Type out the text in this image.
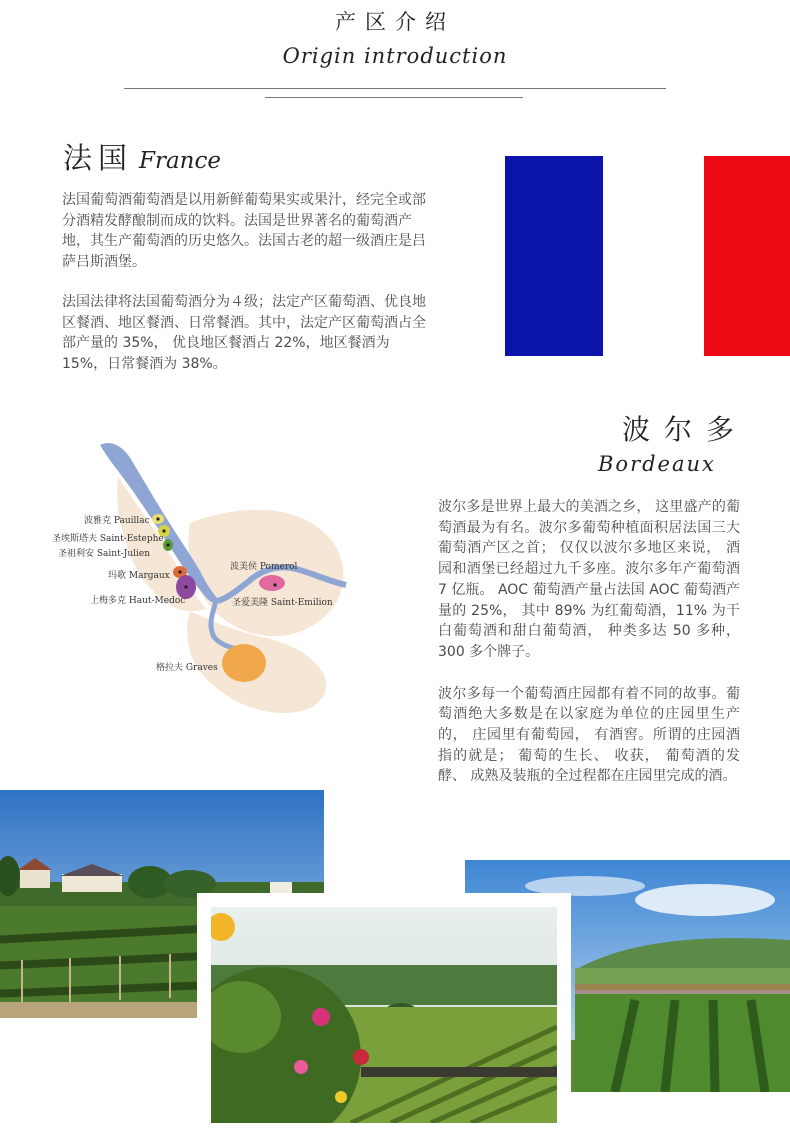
产区介绍
Origin introduction
法国 France

法国葡萄酒葡萄酒是以用新鲜葡萄果实或果汁，经完全或部分酒精发酵酿制而成的饮料。法国是世界著名的葡萄酒产地，其生产葡萄酒的历史悠久。法国古老的超一级酒庄是吕萨吕斯酒堡。

法国法律将法国葡萄酒分为４级；法定产区葡萄酒、优良地区餐酒、地区餐酒、日常餐酒。其中，法定产区葡萄酒占全部产量的 35%， 优良地区餐酒占 22%，地区餐酒为 15%，日常餐酒为 38%。

波尔多
Bordeaux

波尔多是世界上最大的美酒之乡， 这里盛产的葡萄酒最为有名。波尔多葡萄种植面积居法国三大葡萄酒产区之首； 仅仅以波尔多地区来说， 酒园和酒堡已经超过九千多座。波尔多年产葡萄酒 7 亿瓶。 AOC 葡萄酒产量占法国 AOC 葡萄酒产量的 25%， 其中 89% 为红葡萄酒，11% 为干白葡萄酒和甜白葡萄酒， 种类多达 50 多种，300 多个牌子。

波尔多每一个葡萄酒庄园都有着不同的故事。葡萄酒绝大多数是在以家庭为单位的庄园里生产的， 庄园里有葡萄园， 有酒窖。所谓的庄园酒指的就是； 葡萄的生长、 收获， 葡萄酒的发酵、 成熟及装瓶的全过程都在庄园里完成的酒。

波雅克 Pauillac
圣埃斯塔夫 Saint-Estephe
圣祖利安 Saint-Julien
玛歌 Margaux
上梅多克 Haut-Medoc
波美侯 Pomerol
圣爱美隆 Saint-Emilion
格拉夫 Graves
